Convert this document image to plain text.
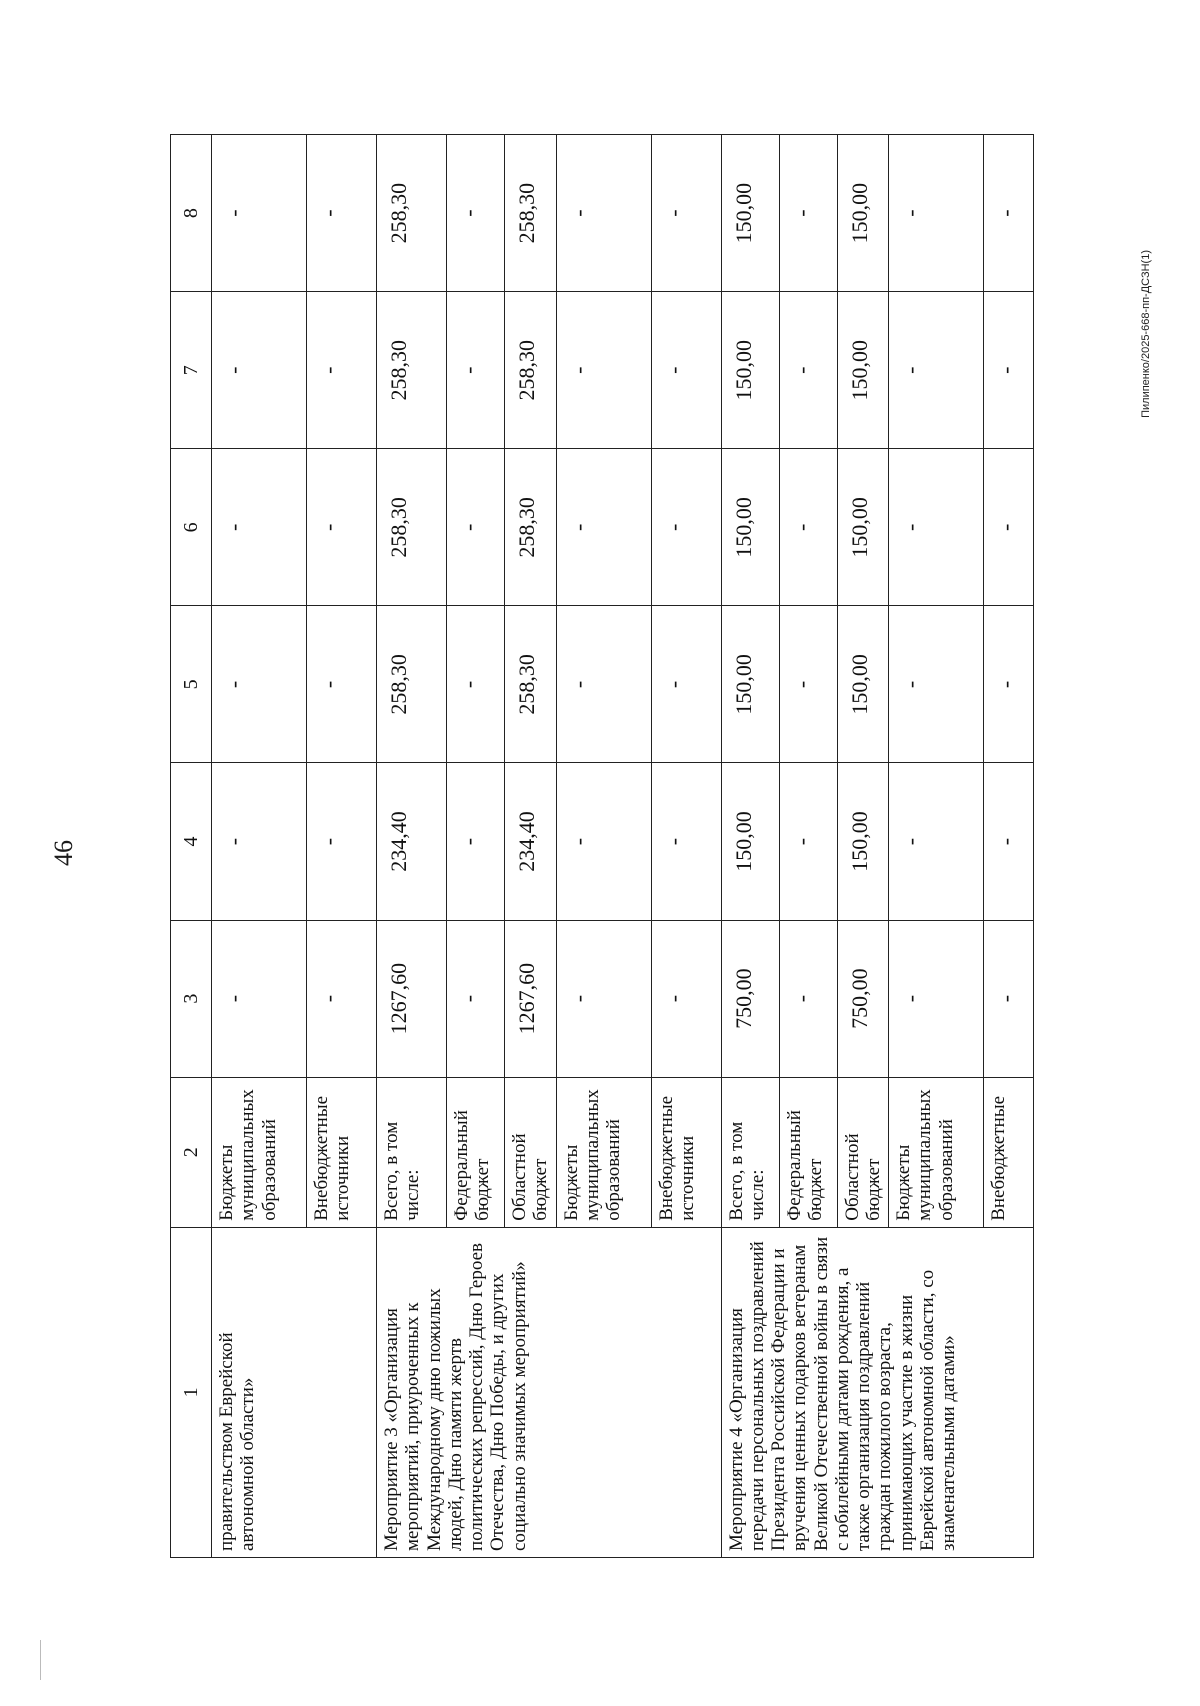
46
Пилипенко/2025-668-пп-ДСЗН(1)
1	2	3	4	5	6	7	8
правительством Еврейской автономной области»	Бюджеты муниципальных образований	-	-	-	-	-	-
	Внебюджетные источники	-	-	-	-	-	-
Мероприятие 3 «Организация мероприятий, приуроченных к Международному дню пожилых людей, Дню памяти жертв политических репрессий, Дню Героев Отечества, Дню Победы, и других социально значимых мероприятий»	Всего, в том числе:	1267,60	234,40	258,30	258,30	258,30	258,30
	Федеральный бюджет	-	-	-	-	-	-
	Областной бюджет	1267,60	234,40	258,30	258,30	258,30	258,30
	Бюджеты муниципальных образований	-	-	-	-	-	-
	Внебюджетные источники	-	-	-	-	-	-
Мероприятие 4 «Организация передачи персональных поздравлений Президента Российской Федерации и вручения ценных подарков ветеранам Великой Отечественной войны в связи с юбилейными датами рождения, а также организация поздравлений граждан пожилого возраста, принимающих участие в жизни Еврейской автономной области, со знаменательными датами»	Всего, в том числе:	750,00	150,00	150,00	150,00	150,00	150,00
	Федеральный бюджет	-	-	-	-	-	-
	Областной бюджет	750,00	150,00	150,00	150,00	150,00	150,00
	Бюджеты муниципальных образований	-	-	-	-	-	-
	Внебюджетные	-	-	-	-	-	-
